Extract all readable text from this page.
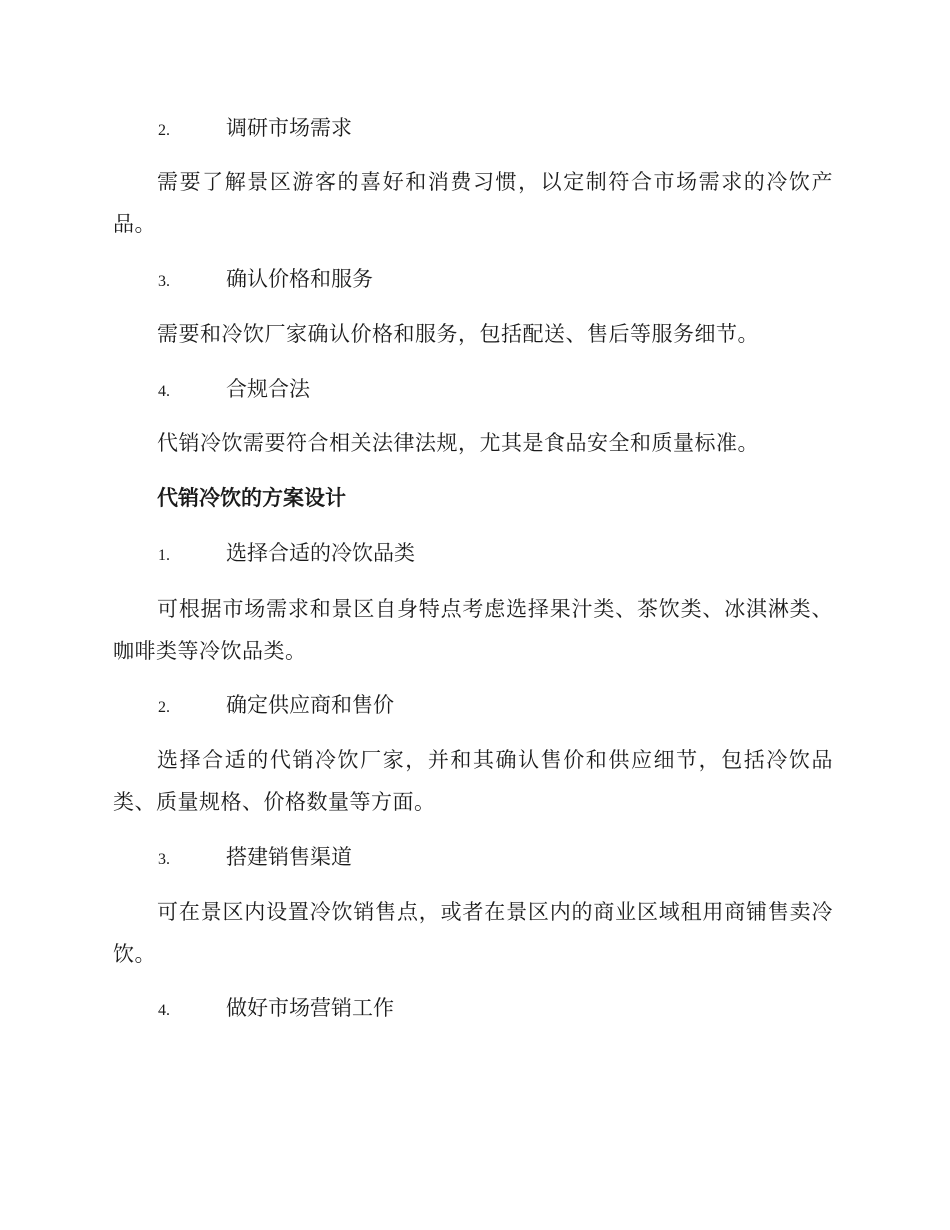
2.	调研市场需求
需要了解景区游客的喜好和消费习惯，以定制符合市场需求的冷饮产品。
3.	确认价格和服务
需要和冷饮厂家确认价格和服务，包括配送、售后等服务细节。
4.	合规合法
代销冷饮需要符合相关法律法规，尤其是食品安全和质量标准。
代销冷饮的方案设计
1.	选择合适的冷饮品类
可根据市场需求和景区自身特点考虑选择果汁类、茶饮类、冰淇淋类、咖啡类等冷饮品类。
2.	确定供应商和售价
选择合适的代销冷饮厂家，并和其确认售价和供应细节，包括冷饮品类、质量规格、价格数量等方面。
3.	搭建销售渠道
可在景区内设置冷饮销售点，或者在景区内的商业区域租用商铺售卖冷饮。
4.	做好市场营销工作
